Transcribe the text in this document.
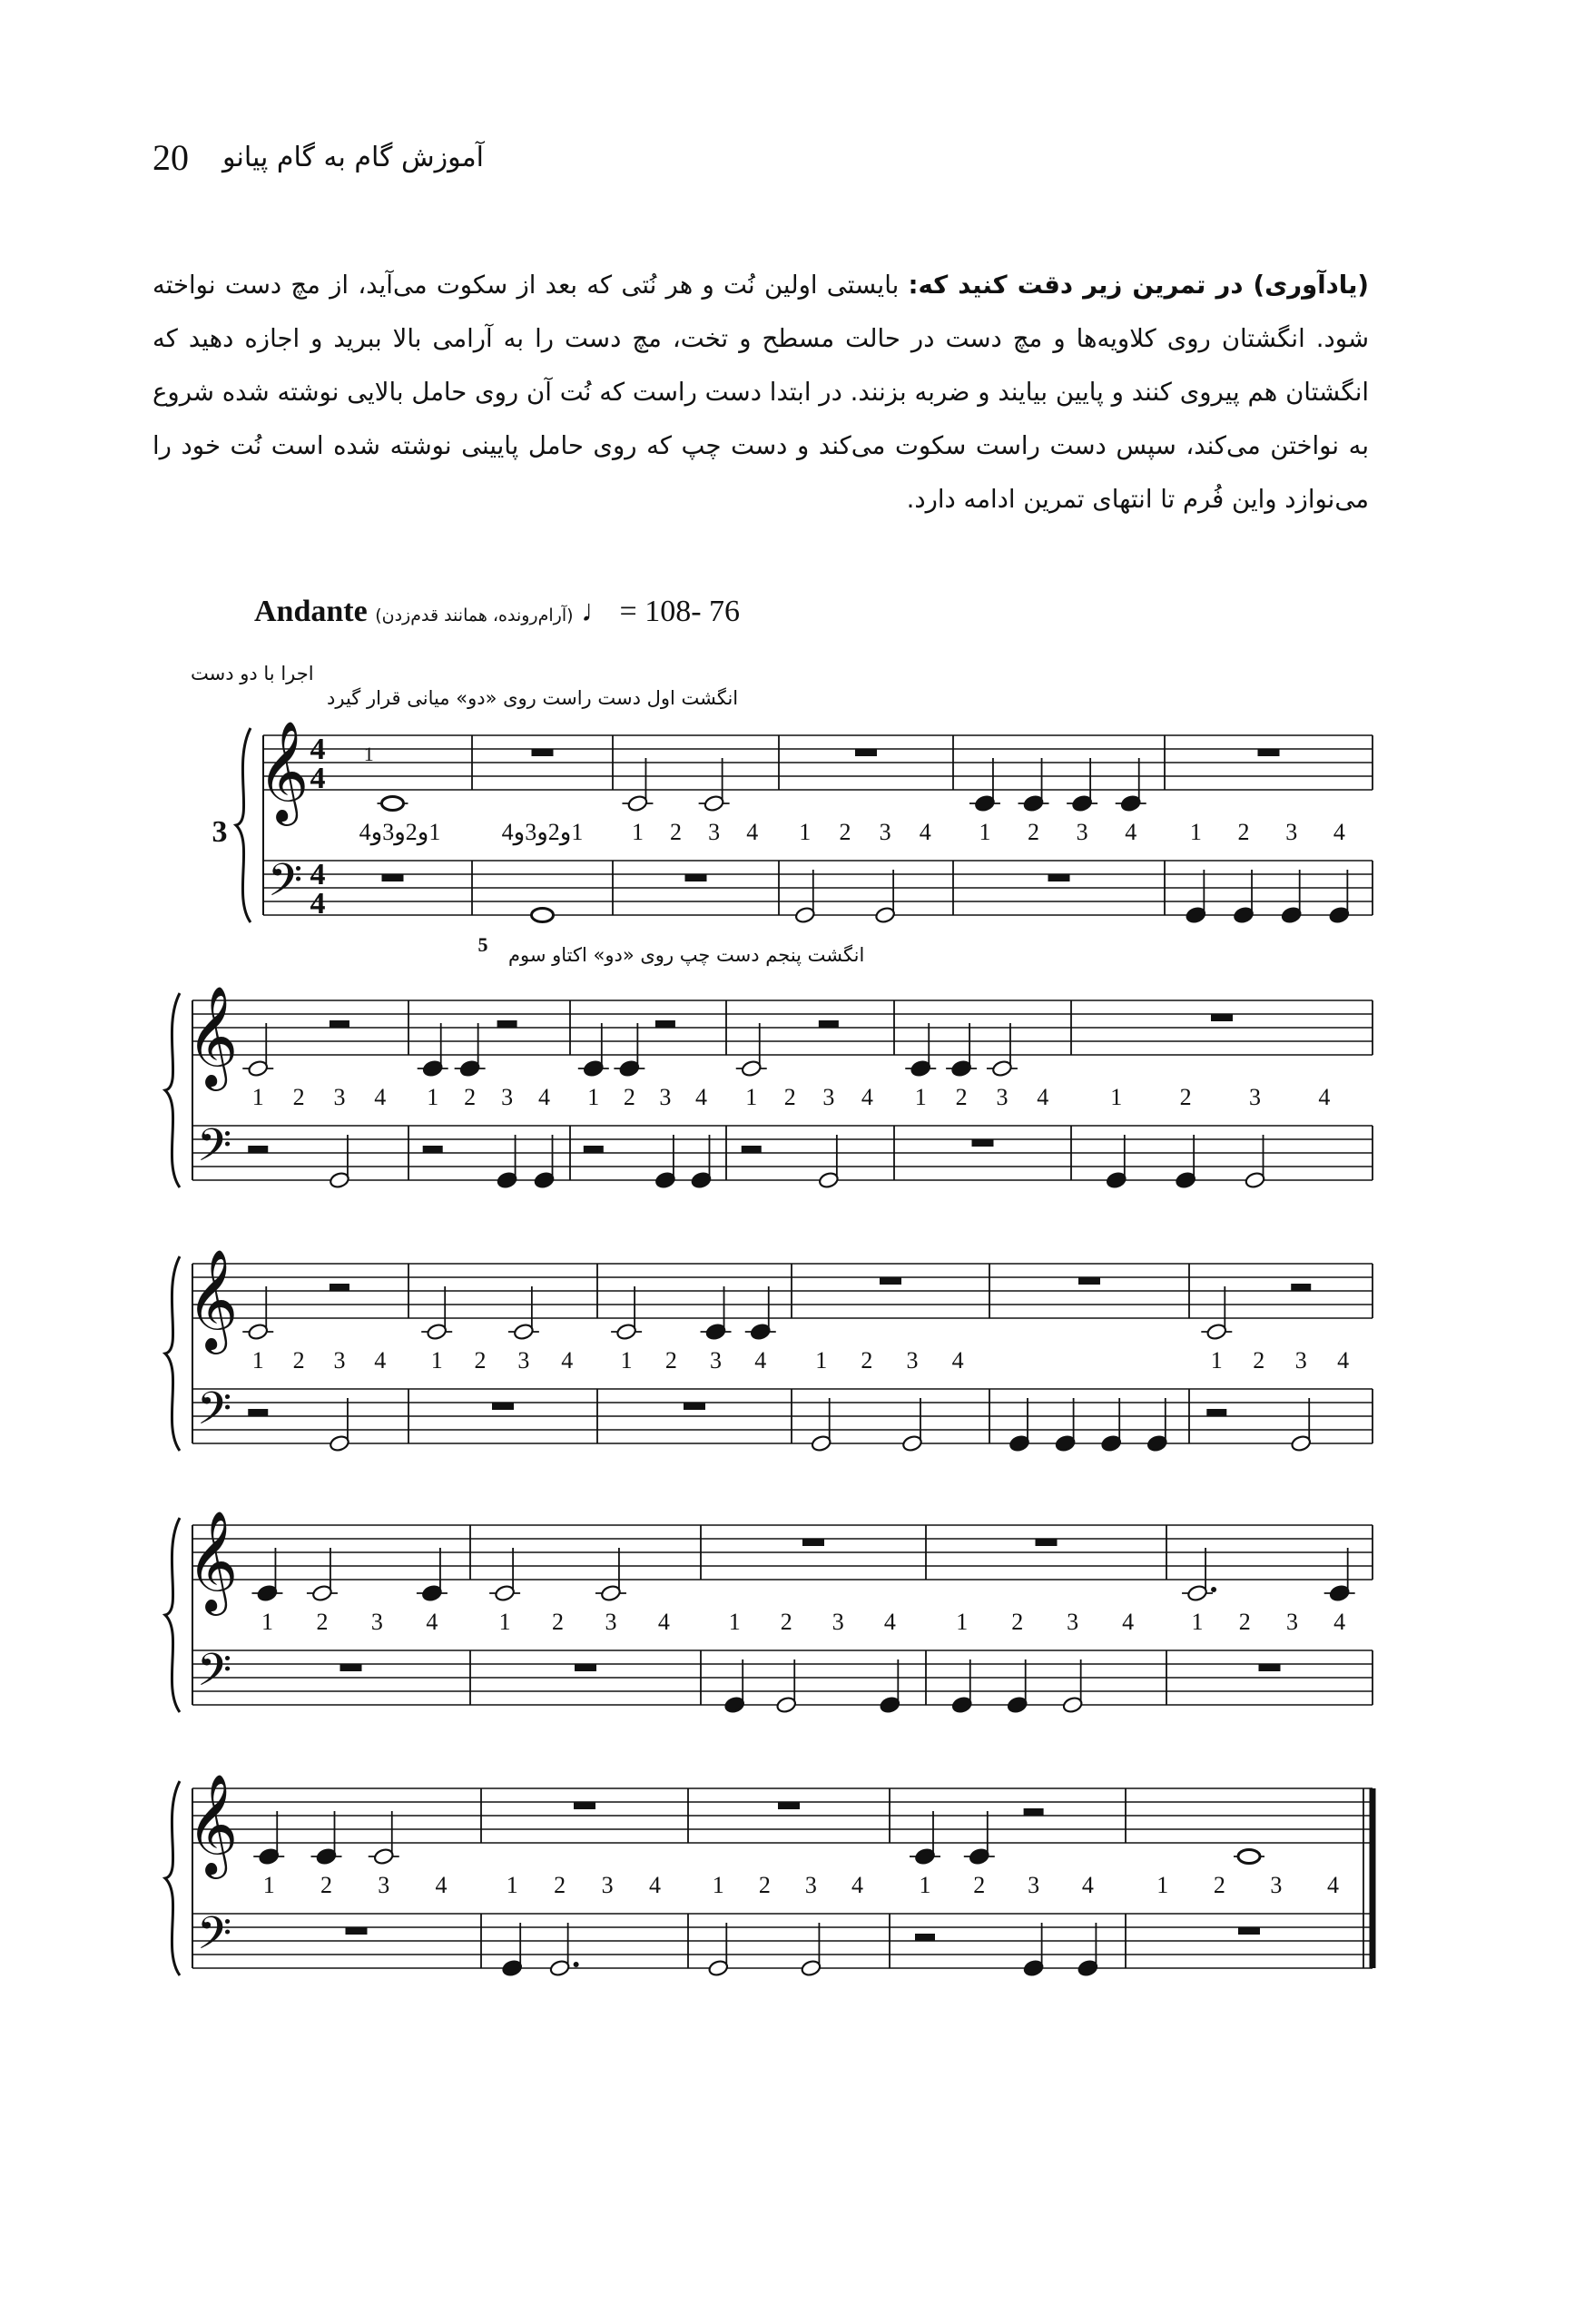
20 آموزش گام به گام پیانو
(یادآوری) در تمرین زیر دقت کنید که: بایستی اولین نُت و هر نُتی که بعد از سکوت می‌آید، از مچ دست نواخته شود. انگشتان روی کلاویه‌ها و مچ دست در حالت مسطح و تخت، مچ دست را به آرامی بالا ببرید و اجازه دهید که انگشتان هم پیروی کنند و پایین بیایند و ضربه بزنند. در ابتدا دست راست که نُت آن روی حامل بالایی نوشته شده شروع به نواختن می‌کند، سپس دست راست سکوت می‌کند و دست چپ که روی حامل پایینی نوشته شده است نُت خود را می‌نوازد واین فُرم تا انتهای تمرین ادامه دارد.
Andante (آرام‌رونده، همانند قدم‌زدن) ♩ = 76 -108
اجرا با دو دست
انگشت اول دست راست روی «دو» میانی قرار گیرد
انگشت پنجم دست چپ روی «دو» اکتاو سوم
𝄞
𝄢
4
4
4
4
3	1و2و3و4
1
1و2و3و4
5
1 2 3 4 1 2 3 4 1 2 3 4 1 2 3 4
𝄞
𝄢
1 2 3 4 1 2 3 4 1 2 3 4 1 2 3 4 1 2 3 4	1 2 3 4
𝄞
𝄢
1 2 3 4 1 2 3 4 1 2 3 4 1 2 3 4	1 2 3 4
𝄞
𝄢
1 2 3 4	1 2 3 4 1 2 3 4	1 2 3 4 1 2 3 4
𝄞
𝄢
1 2 3 4	1 2 3 4 1 2 3 4 1 2 3 4	1 2 3 4
